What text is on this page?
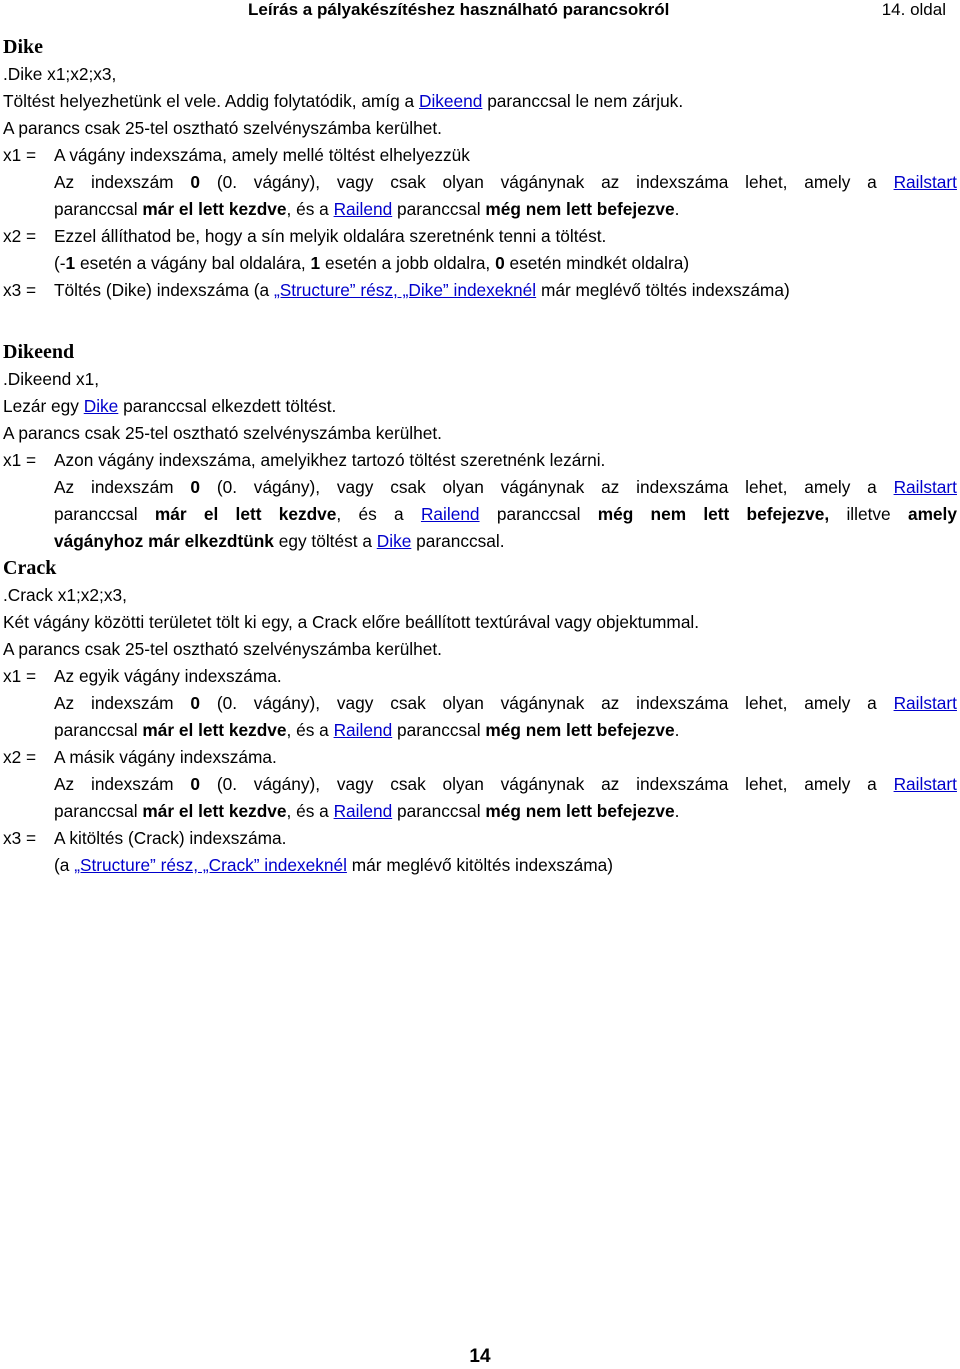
Leírás a pályakészítéshez használható parancsokról	14. oldal
Dike
.Dike x1;x2;x3,
Töltést helyezhetünk el vele. Addig folytatódik, amíg a Dikeend paranccsal le nem zárjuk.
A parancs csak 25-tel osztható szelvényszámba kerülhet.
x1 =	A vágány indexszáma, amely mellé töltést elhelyezzük
Az indexszám 0 (0. vágány), vagy csak olyan vágánynak az indexszáma lehet, amely a Railstart
paranccsal már el lett kezdve, és a Railend paranccsal még nem lett befejezve.
x2 =	Ezzel állíthatod be, hogy a sín melyik oldalára szeretnénk tenni a töltést.
(-1 esetén a vágány bal oldalára, 1 esetén a jobb oldalra, 0 esetén mindkét oldalra)
x3 =	Töltés (Dike) indexszáma (a „Structure” rész, „Dike” indexeknél már meglévő töltés indexszáma)
Dikeend
.Dikeend x1,
Lezár egy Dike paranccsal elkezdett töltést.
A parancs csak 25-tel osztható szelvényszámba kerülhet.
x1 =	Azon vágány indexszáma, amelyikhez tartozó töltést szeretnénk lezárni.
Az indexszám 0 (0. vágány), vagy csak olyan vágánynak az indexszáma lehet, amely a Railstart
paranccsal már el lett kezdve, és a Railend paranccsal még nem lett befejezve, illetve amely
vágányhoz már elkezdtünk egy töltést a Dike paranccsal.
Crack
.Crack x1;x2;x3,
Két vágány közötti területet tölt ki egy, a Crack előre beállított textúrával vagy objektummal.
A parancs csak 25-tel osztható szelvényszámba kerülhet.
x1 =	Az egyik vágány indexszáma.
Az indexszám 0 (0. vágány), vagy csak olyan vágánynak az indexszáma lehet, amely a Railstart
paranccsal már el lett kezdve, és a Railend paranccsal még nem lett befejezve.
x2 =	A másik vágány indexszáma.
Az indexszám 0 (0. vágány), vagy csak olyan vágánynak az indexszáma lehet, amely a Railstart
paranccsal már el lett kezdve, és a Railend paranccsal még nem lett befejezve.
x3 =	A kitöltés (Crack) indexszáma.
(a „Structure” rész, „Crack” indexeknél már meglévő kitöltés indexszáma)
14
